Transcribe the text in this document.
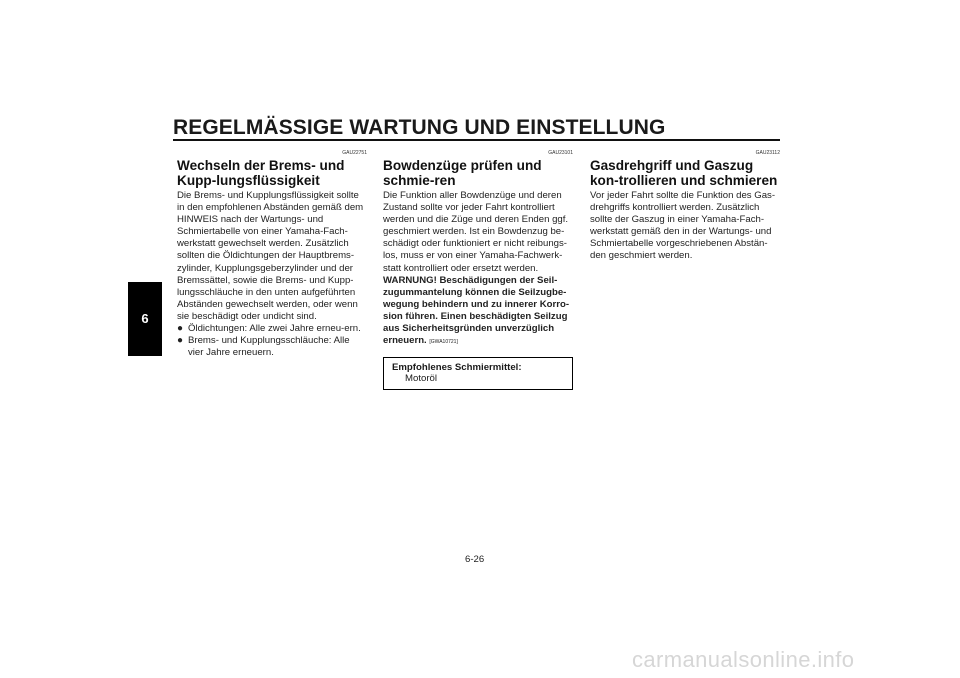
REGELMÄSSIGE WARTUNG UND EINSTELLUNG
6
GAU22751
Wechseln der Brems- und Kupp-lungsflüssigkeit
Die Brems- und Kupplungsflüssigkeit sollte in den empfohlenen Abständen gemäß dem HINWEIS nach der Wartungs- und Schmiertabelle von einer Yamaha-Fach-werkstatt gewechselt werden. Zusätzlich sollten die Öldichtungen der Hauptbrems-zylinder, Kupplungsgeberzylinder und der Bremssättel, sowie die Brems- und Kupp-lungsschläuche in den unten aufgeführten Abständen gewechselt werden, oder wenn sie beschädigt oder undicht sind.
● Öldichtungen: Alle zwei Jahre erneu-ern.
● Brems- und Kupplungsschläuche: Alle vier Jahre erneuern.
GAU23101
Bowdenzüge prüfen und schmie-ren
Die Funktion aller Bowdenzüge und deren Zustand sollte vor jeder Fahrt kontrolliert werden und die Züge und deren Enden ggf. geschmiert werden. Ist ein Bowdenzug be-schädigt oder funktioniert er nicht reibungs-los, muss er von einer Yamaha-Fachwerk-statt kontrolliert oder ersetzt werden.
WARNUNG! Beschädigungen der Seil-zugummantelung können die Seilzugbe-wegung behindern und zu innerer Korro-sion führen. Einen beschädigten Seilzug aus Sicherheitsgründen unverzüglich erneuern. [GWA10721]
Empfohlenes Schmiermittel:
Motoröl
GAU23112
Gasdrehgriff und Gaszug kon-trollieren und schmieren
Vor jeder Fahrt sollte die Funktion des Gas-drehgriffs kontrolliert werden. Zusätzlich sollte der Gaszug in einer Yamaha-Fach-werkstatt gemäß den in der Wartungs- und Schmiertabelle vorgeschriebenen Abstän-den geschmiert werden.
6-26
carmanualsonline.info
